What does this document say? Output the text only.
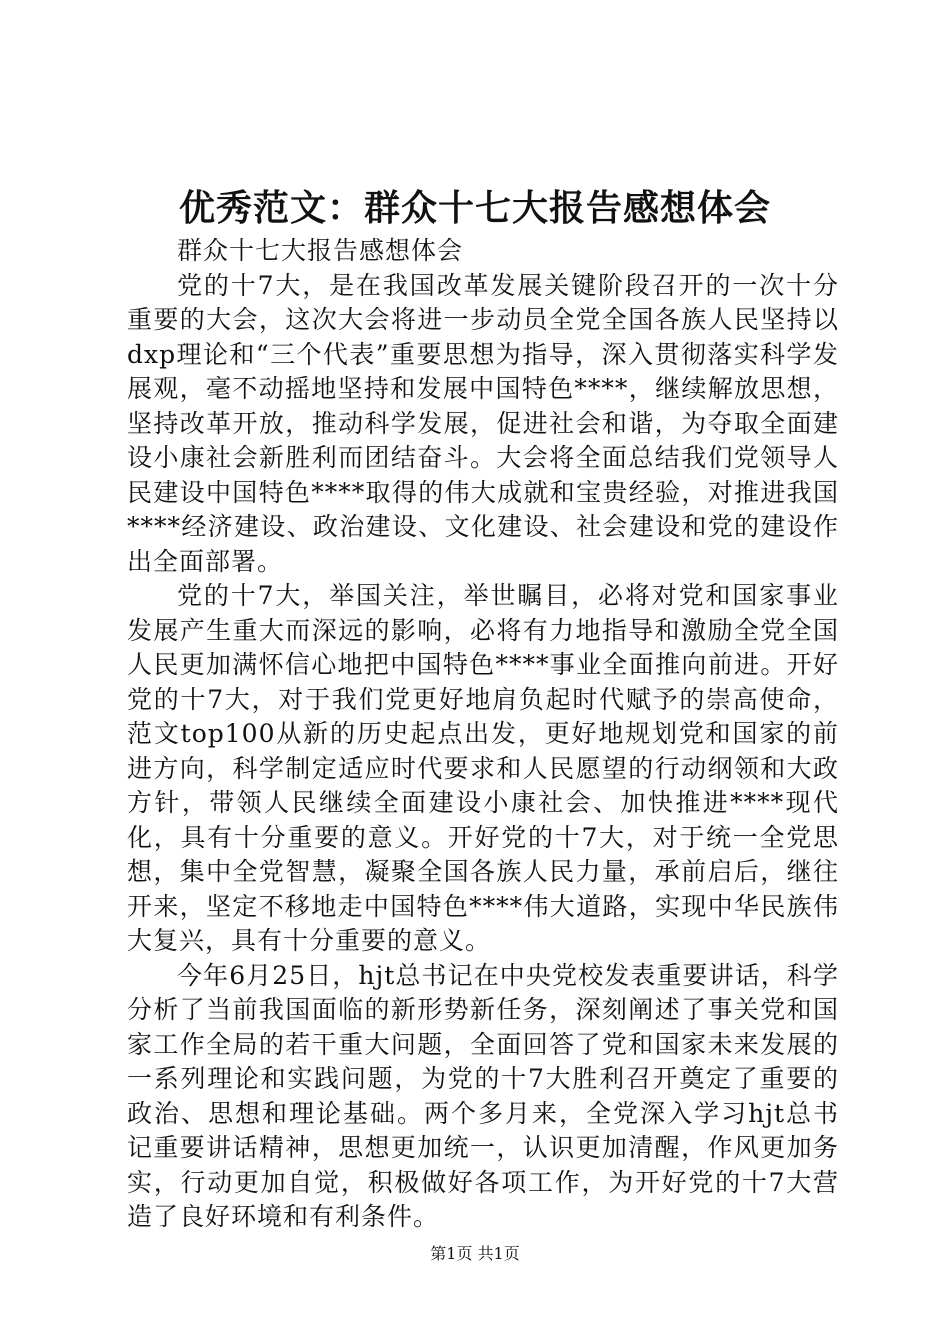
优秀范文：群众十七大报告感想体会

群众十七大报告感想体会

党的十7大，是在我国改革发展关键阶段召开的一次十分重要的大会，这次大会将进一步动员全党全国各族人民坚持以dxp理论和“三个代表”重要思想为指导，深入贯彻落实科学发展观，毫不动摇地坚持和发展中国特色****，继续解放思想，坚持改革开放，推动科学发展，促进社会和谐，为夺取全面建设小康社会新胜利而团结奋斗。大会将全面总结我们党领导人民建设中国特色****取得的伟大成就和宝贵经验，对推进我国****经济建设、政治建设、文化建设、社会建设和党的建设作出全面部署。

党的十7大，举国关注，举世瞩目，必将对党和国家事业发展产生重大而深远的影响，必将有力地指导和激励全党全国人民更加满怀信心地把中国特色****事业全面推向前进。开好党的十7大，对于我们党更好地肩负起时代赋予的崇高使命，范文top100从新的历史起点出发，更好地规划党和国家的前进方向，科学制定适应时代要求和人民愿望的行动纲领和大政方针，带领人民继续全面建设小康社会、加快推进****现代化，具有十分重要的意义。开好党的十7大，对于统一全党思想，集中全党智慧，凝聚全国各族人民力量，承前启后，继往开来，坚定不移地走中国特色****伟大道路，实现中华民族伟大复兴，具有十分重要的意义。

今年6月25日，hjt总书记在中央党校发表重要讲话，科学分析了当前我国面临的新形势新任务，深刻阐述了事关党和国家工作全局的若干重大问题，全面回答了党和国家未来发展的一系列理论和实践问题，为党的十7大胜利召开奠定了重要的政治、思想和理论基础。两个多月来，全党深入学习hjt总书记重要讲话精神，思想更加统一，认识更加清醒，作风更加务实，行动更加自觉，积极做好各项工作，为开好党的十7大营造了良好环境和有利条件。

第1页 共1页
